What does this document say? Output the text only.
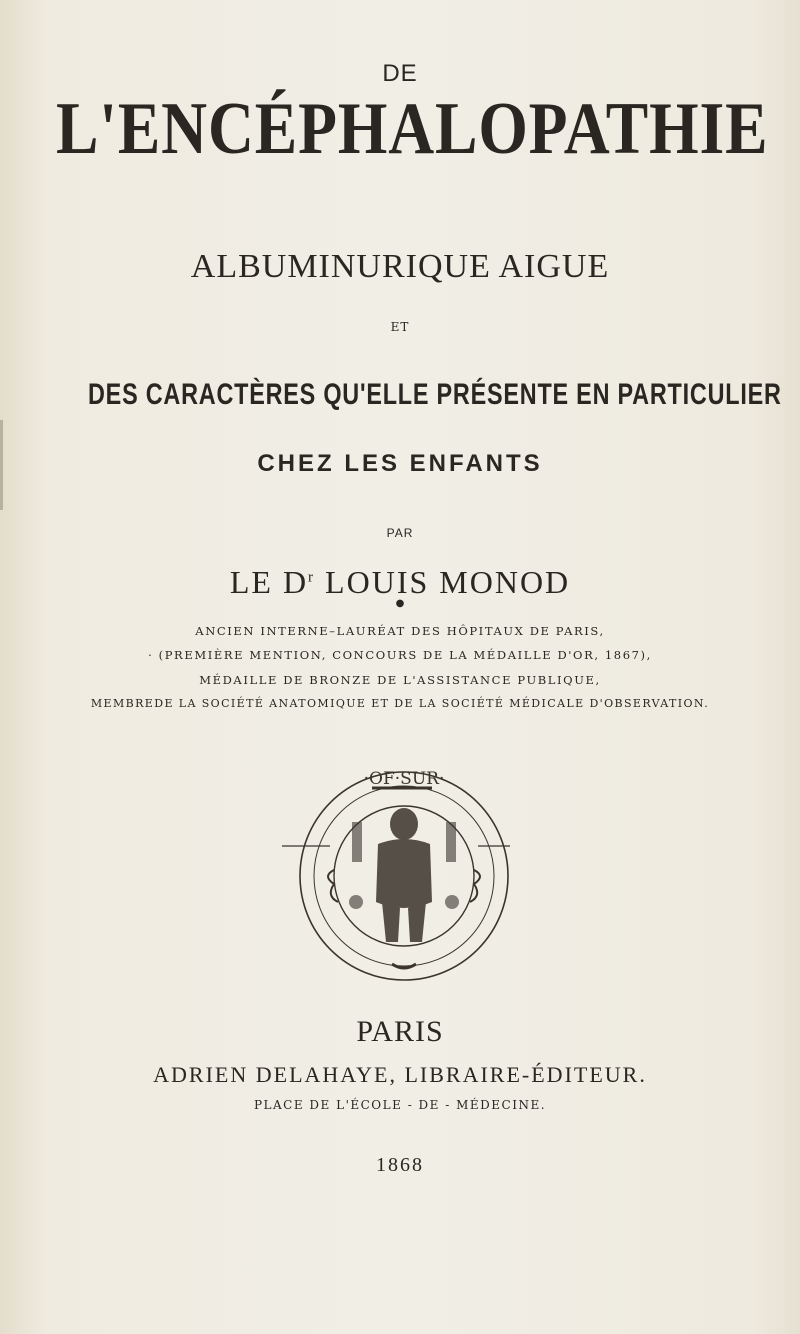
DE
L'ENCÉPHALOPATHIE
ALBUMINURIQUE AIGUE
ET
DES CARACTÈRES QU'ELLE PRÉSENTE EN PARTICULIER
CHEZ LES ENFANTS
PAR
LE $D^r$ LOUIS MONOD
●
ANCIEN INTERNE–LAURÉAT DES HÔPITAUX DE PARIS,
· (PREMIÈRE MENTION, CONCOURS DE LA MÉDAILLE D'OR, 1867),
MÉDAILLE DE BRONZE DE L'ASSISTANCE PUBLIQUE,
MEMBREDE LA SOCIÉTÉ ANATOMIQUE ET DE LA SOCIÉTÉ MÉDICALE D'OBSERVATION.
·OF·SUR·
PARIS
ADRIEN DELAHAYE, LIBRAIRE-ÉDITEUR.
PLACE DE L'ÉCOLE - DE - MÉDECINE.
1868
